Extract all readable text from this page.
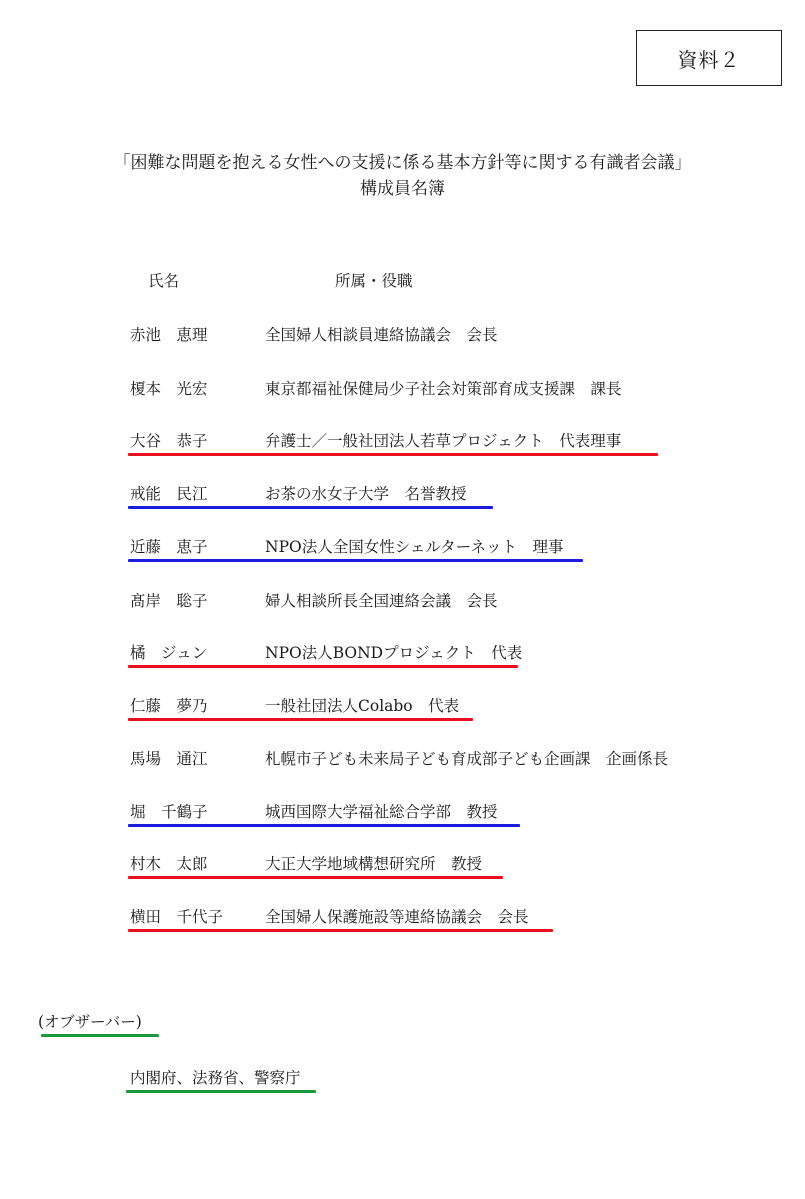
資料２
「困難な問題を抱える女性への支援に係る基本方針等に関する有識者会議」
構成員名簿
氏名	所属・役職
赤池　恵理	全国婦人相談員連絡協議会　会長
榎本　光宏	東京都福祉保健局少子社会対策部育成支援課　課長
大谷　恭子	弁護士／一般社団法人若草プロジェクト　代表理事
戒能　民江	お茶の水女子大学　名誉教授
近藤　恵子	NPO法人全国女性シェルターネット　理事
髙岸　聡子	婦人相談所長全国連絡会議　会長
橘　ジュン	NPO法人BONDプロジェクト　代表
仁藤　夢乃	一般社団法人Colabo　代表
馬場　通江	札幌市子ども未来局子ども育成部子ども企画課　企画係長
堀　千鶴子	城西国際大学福祉総合学部　教授
村木　太郎	大正大学地域構想研究所　教授
横田　千代子	全国婦人保護施設等連絡協議会　会長
(オブザーバー)
内閣府、法務省、警察庁
